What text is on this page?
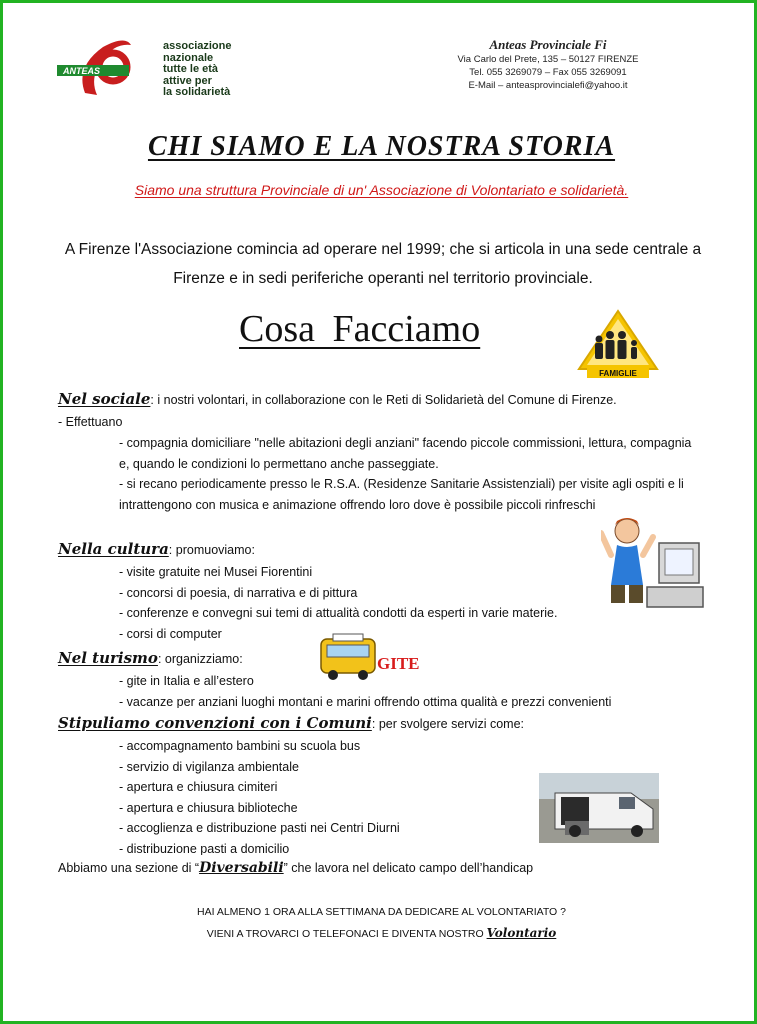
ANTEAS
associazione
nazionale
tutte le età
attive per
la solidarietà
Anteas Provinciale Fi
Via Carlo del Prete, 135 – 50127 FIRENZE
Tel. 055 3269079 – Fax 055 3269091
E-Mail – anteasprovincialefi@yahoo.it
CHI SIAMO E LA NOSTRA STORIA
Siamo una struttura Provinciale di un' Associazione di Volontariato e solidarietà.
A Firenze l'Associazione comincia ad operare nel 1999; che si articola in una sede centrale a Firenze e in sedi periferiche operanti nel territorio provinciale.
Cosa Facciamo
FAMIGLIE
Nel sociale: i nostri volontari, in collaborazione con le Reti di Solidarietà del Comune di Firenze.
- Effettuano
- compagnia domiciliare "nelle abitazioni degli anziani" facendo piccole commissioni, lettura, compagnia e, quando le condizioni lo permettano anche passeggiate.
- si recano periodicamente presso le R.S.A. (Residenze Sanitarie Assistenziali) per visite agli ospiti e li intrattengono con musica e animazione offrendo loro dove è possibile piccoli rinfreschi
Nella cultura: promuoviamo:
- visite gratuite nei Musei Fiorentini
- concorsi di poesia, di narrativa e di pittura
- conferenze e convegni sui temi di attualità condotti da esperti in varie materie.
- corsi di computer
Nel turismo: organizziamo:
- gite in Italia e all’estero
- vacanze per anziani luoghi montani e marini offrendo ottima qualità e prezzi convenienti
GITE
Stipuliamo convenzioni con i Comuni: per svolgere servizi come:
- accompagnamento bambini su scuola bus
- servizio di vigilanza ambientale
- apertura e chiusura cimiteri
- apertura e chiusura biblioteche
- accoglienza e distribuzione pasti nei Centri Diurni
- distribuzione pasti a domicilio
Abbiamo una sezione di “Diversabili” che lavora nel delicato campo dell’handicap
HAI ALMENO 1 ORA ALLA SETTIMANA DA DEDICARE AL VOLONTARIATO ?
VIENI A TROVARCI O TELEFONACI E DIVENTA NOSTRO Volontario
